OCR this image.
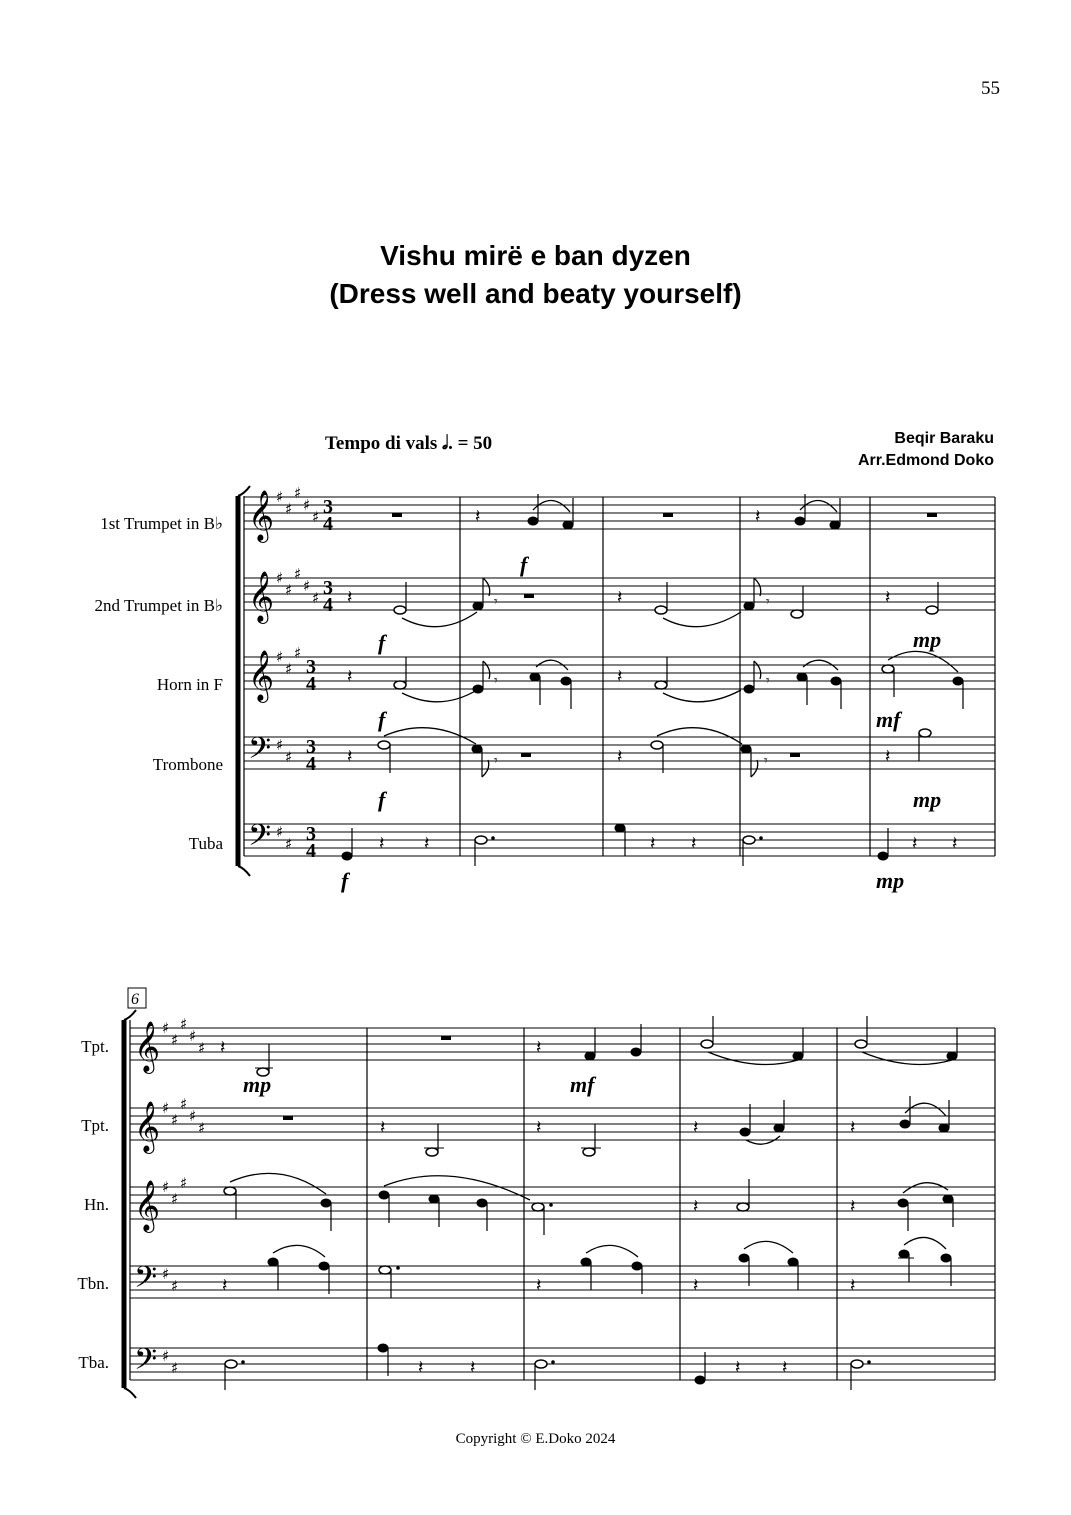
55
Vishu mirë e ban dyzen
(Dress well and beaty yourself)
Tempo di vals 𝅗𝅥. = 50	Beqir Baraku
Arr.Edmond Doko
1st Trumpet in B♭
2nd Trumpet in B♭
Horn in F
Trombone
Tuba
Tpt.
Tpt.
Hn.
Tbn.
Tba.
Copyright © E.Doko 2024
𝄞
𝄞
𝄞
𝄢
𝄢
♯
♯
♯
♯
♯
♯
♯
♯
♯
♯
♯
♯
♯
♯
♯
♯
♯
3
4
3
4
3
4
3
4
3
4
𝄽	𝄽
𝄽	𝄾	𝄽	𝄾	𝄽
𝄽	𝄾	𝄽	𝄾
𝄽	𝄾	𝄽	𝄾	𝄽
𝄽 𝄽	𝄽 𝄽	𝄽 𝄽
f
f	mp
f	mf
f	mp
f	mp
6
𝄞
𝄞
𝄞
𝄢
𝄢
♯
♯
♯
♯
♯
♯
♯
♯
♯
♯
♯
♯
♯
♯
♯
♯
♯
𝄽	𝄽
𝄽	𝄽	𝄽	𝄽
𝄽	𝄽
𝄽	𝄽	𝄽	𝄽
𝄽	𝄽	𝄽 𝄽
mp	mf
